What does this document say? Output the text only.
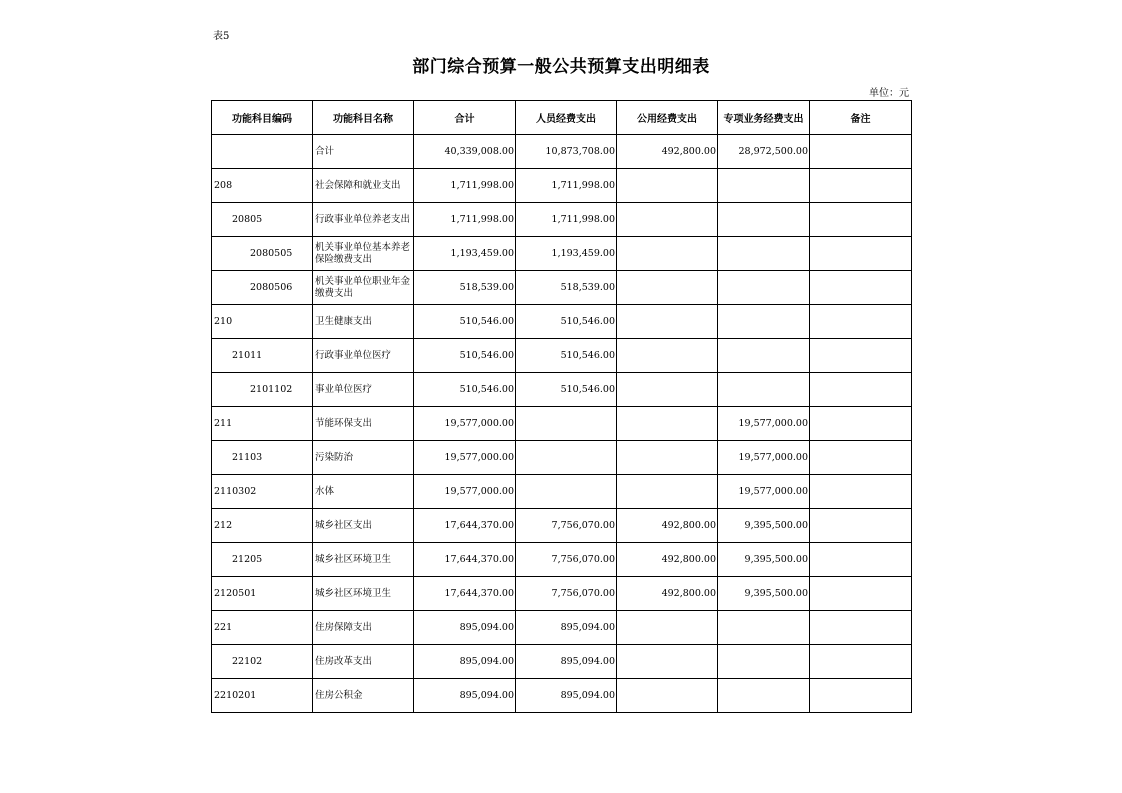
表5
部门综合预算一般公共预算支出明细表
单位：元
功能科目编码	功能科目名称	合计	人员经费支出	公用经费支出	专项业务经费支出	备注
	合计	40,339,008.00	10,873,708.00	492,800.00	28,972,500.00	
208	社会保障和就业支出	1,711,998.00	1,711,998.00			
20805	行政事业单位养老支出	1,711,998.00	1,711,998.00			
2080505	机关事业单位基本养老保险缴费支出	1,193,459.00	1,193,459.00			
2080506	机关事业单位职业年金缴费支出	518,539.00	518,539.00			
210	卫生健康支出	510,546.00	510,546.00			
21011	行政事业单位医疗	510,546.00	510,546.00			
2101102	事业单位医疗	510,546.00	510,546.00			
211	节能环保支出	19,577,000.00			19,577,000.00	
21103	污染防治	19,577,000.00			19,577,000.00	
2110302	水体	19,577,000.00			19,577,000.00	
212	城乡社区支出	17,644,370.00	7,756,070.00	492,800.00	9,395,500.00	
21205	城乡社区环境卫生	17,644,370.00	7,756,070.00	492,800.00	9,395,500.00	
2120501	城乡社区环境卫生	17,644,370.00	7,756,070.00	492,800.00	9,395,500.00	
221	住房保障支出	895,094.00	895,094.00			
22102	住房改革支出	895,094.00	895,094.00			
2210201	住房公积金	895,094.00	895,094.00			
